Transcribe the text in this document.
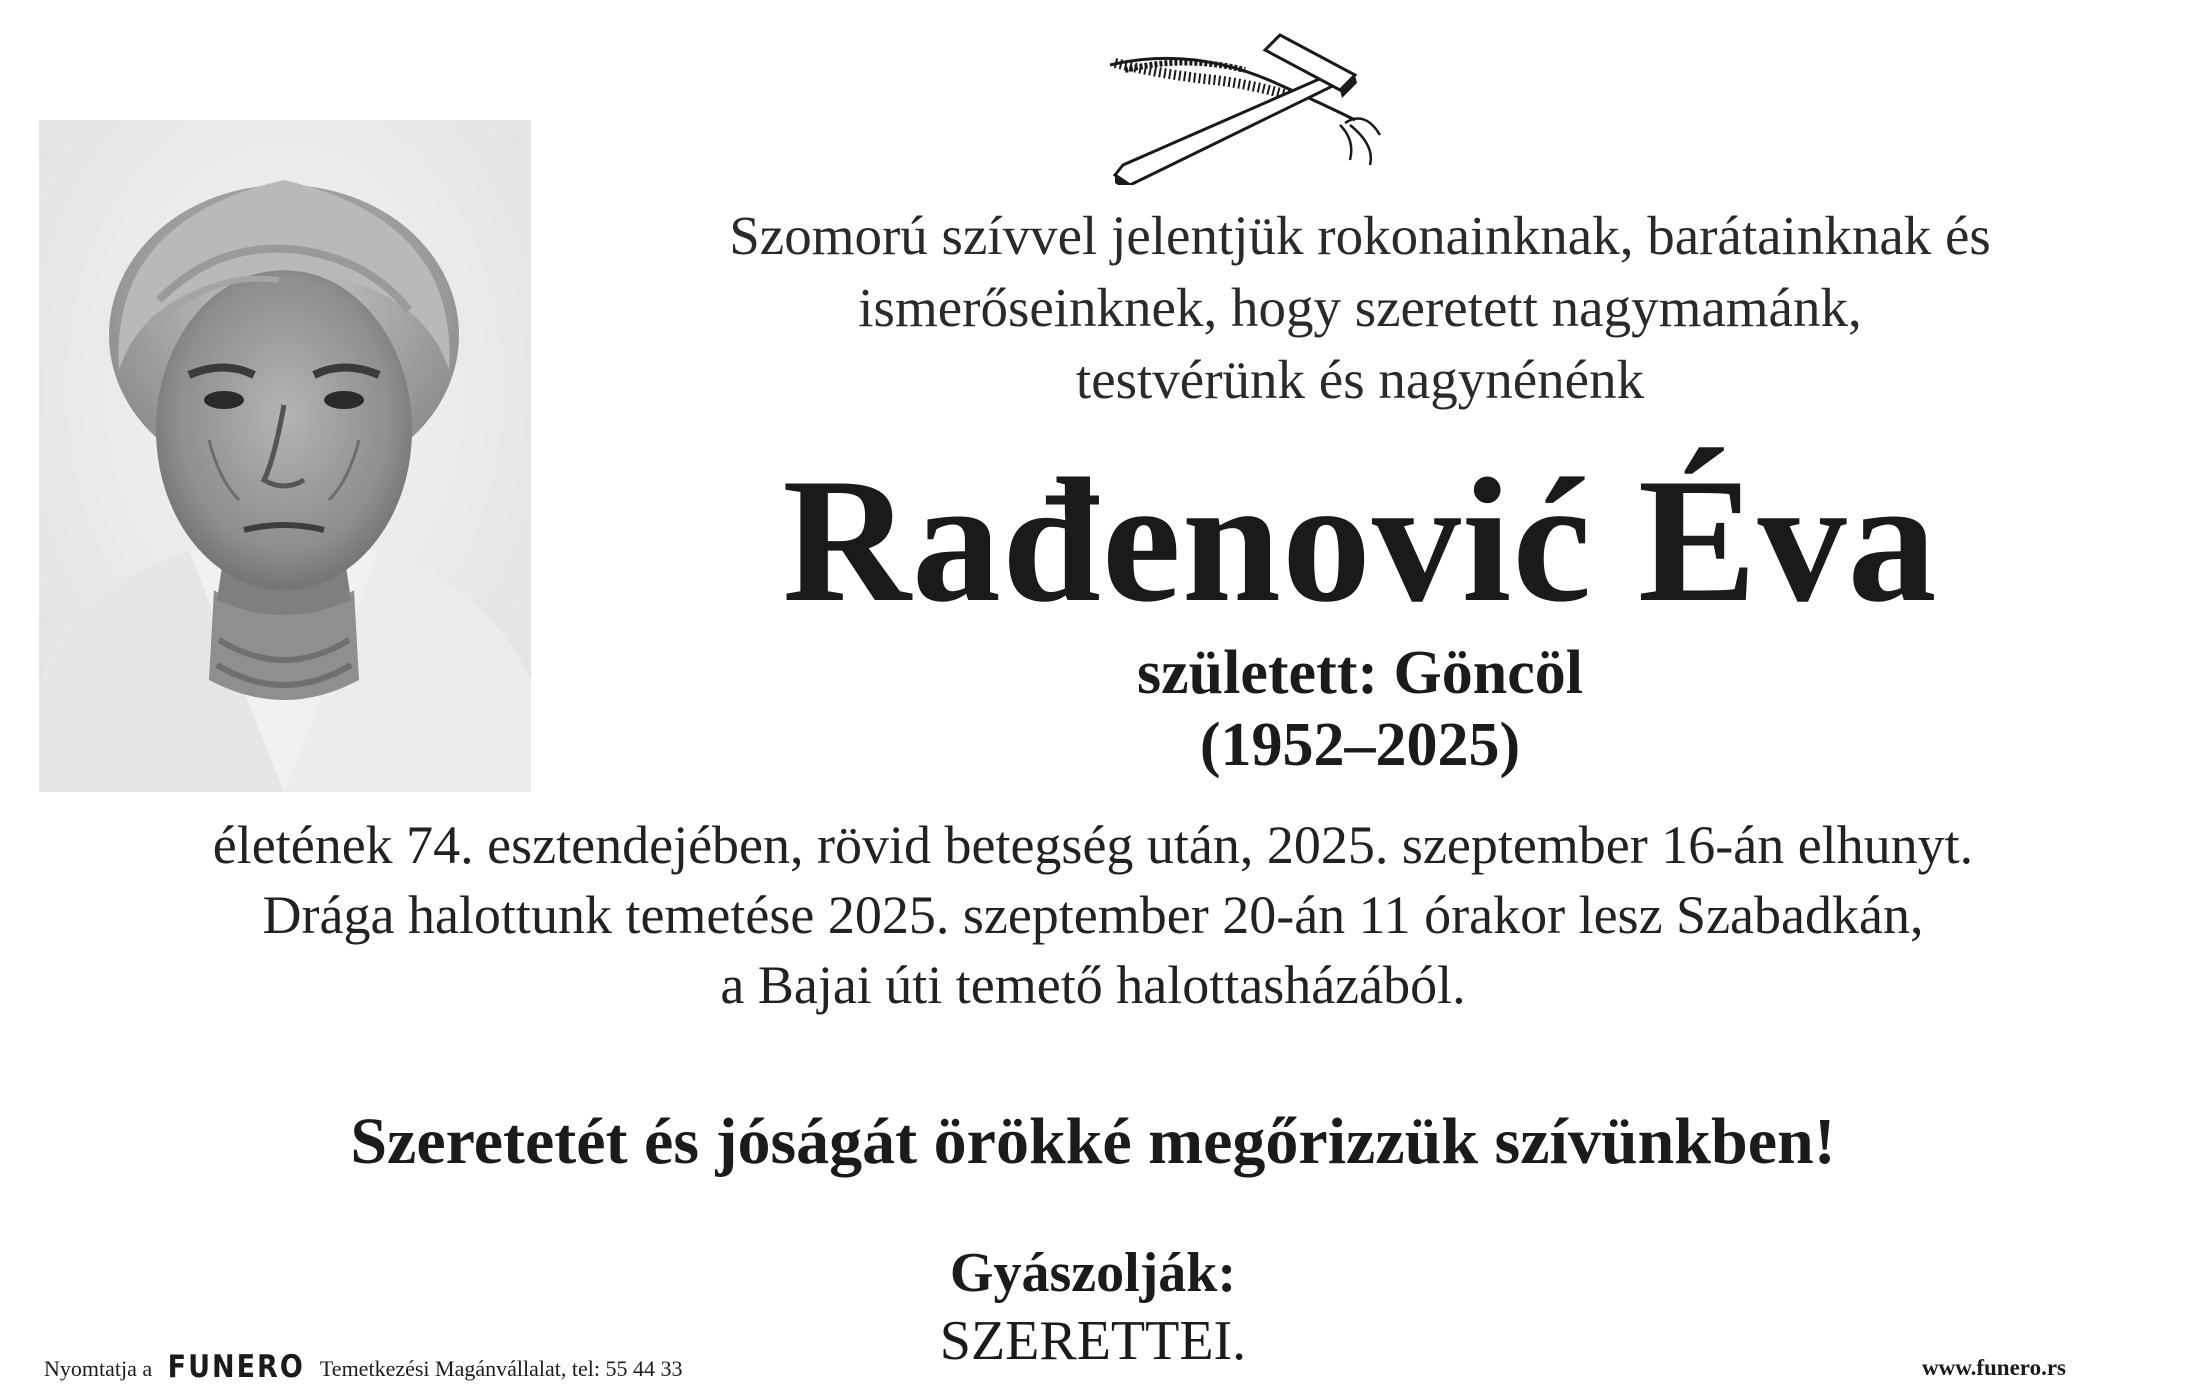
Szomorú szívvel jelentjük rokonainknak, barátainknak és
ismerőseinknek, hogy szeretett nagymamánk,
testvérünk és nagynénénk
Rađenović Éva
született: Göncöl
(1952–2025)
életének 74. esztendejében, rövid betegség után, 2025. szeptember 16-án elhunyt.
Drága halottunk temetése 2025. szeptember 20-án 11 órakor lesz Szabadkán,
a Bajai úti temető halottasházából.
Szeretetét és jóságát örökké megőrizzük szívünkben!
Gyászolják:
SZERETTEI.
Nyomtatja a FUNERO Temetkezési Magánvállalat, tel: 55 44 33	www.funero.rs
